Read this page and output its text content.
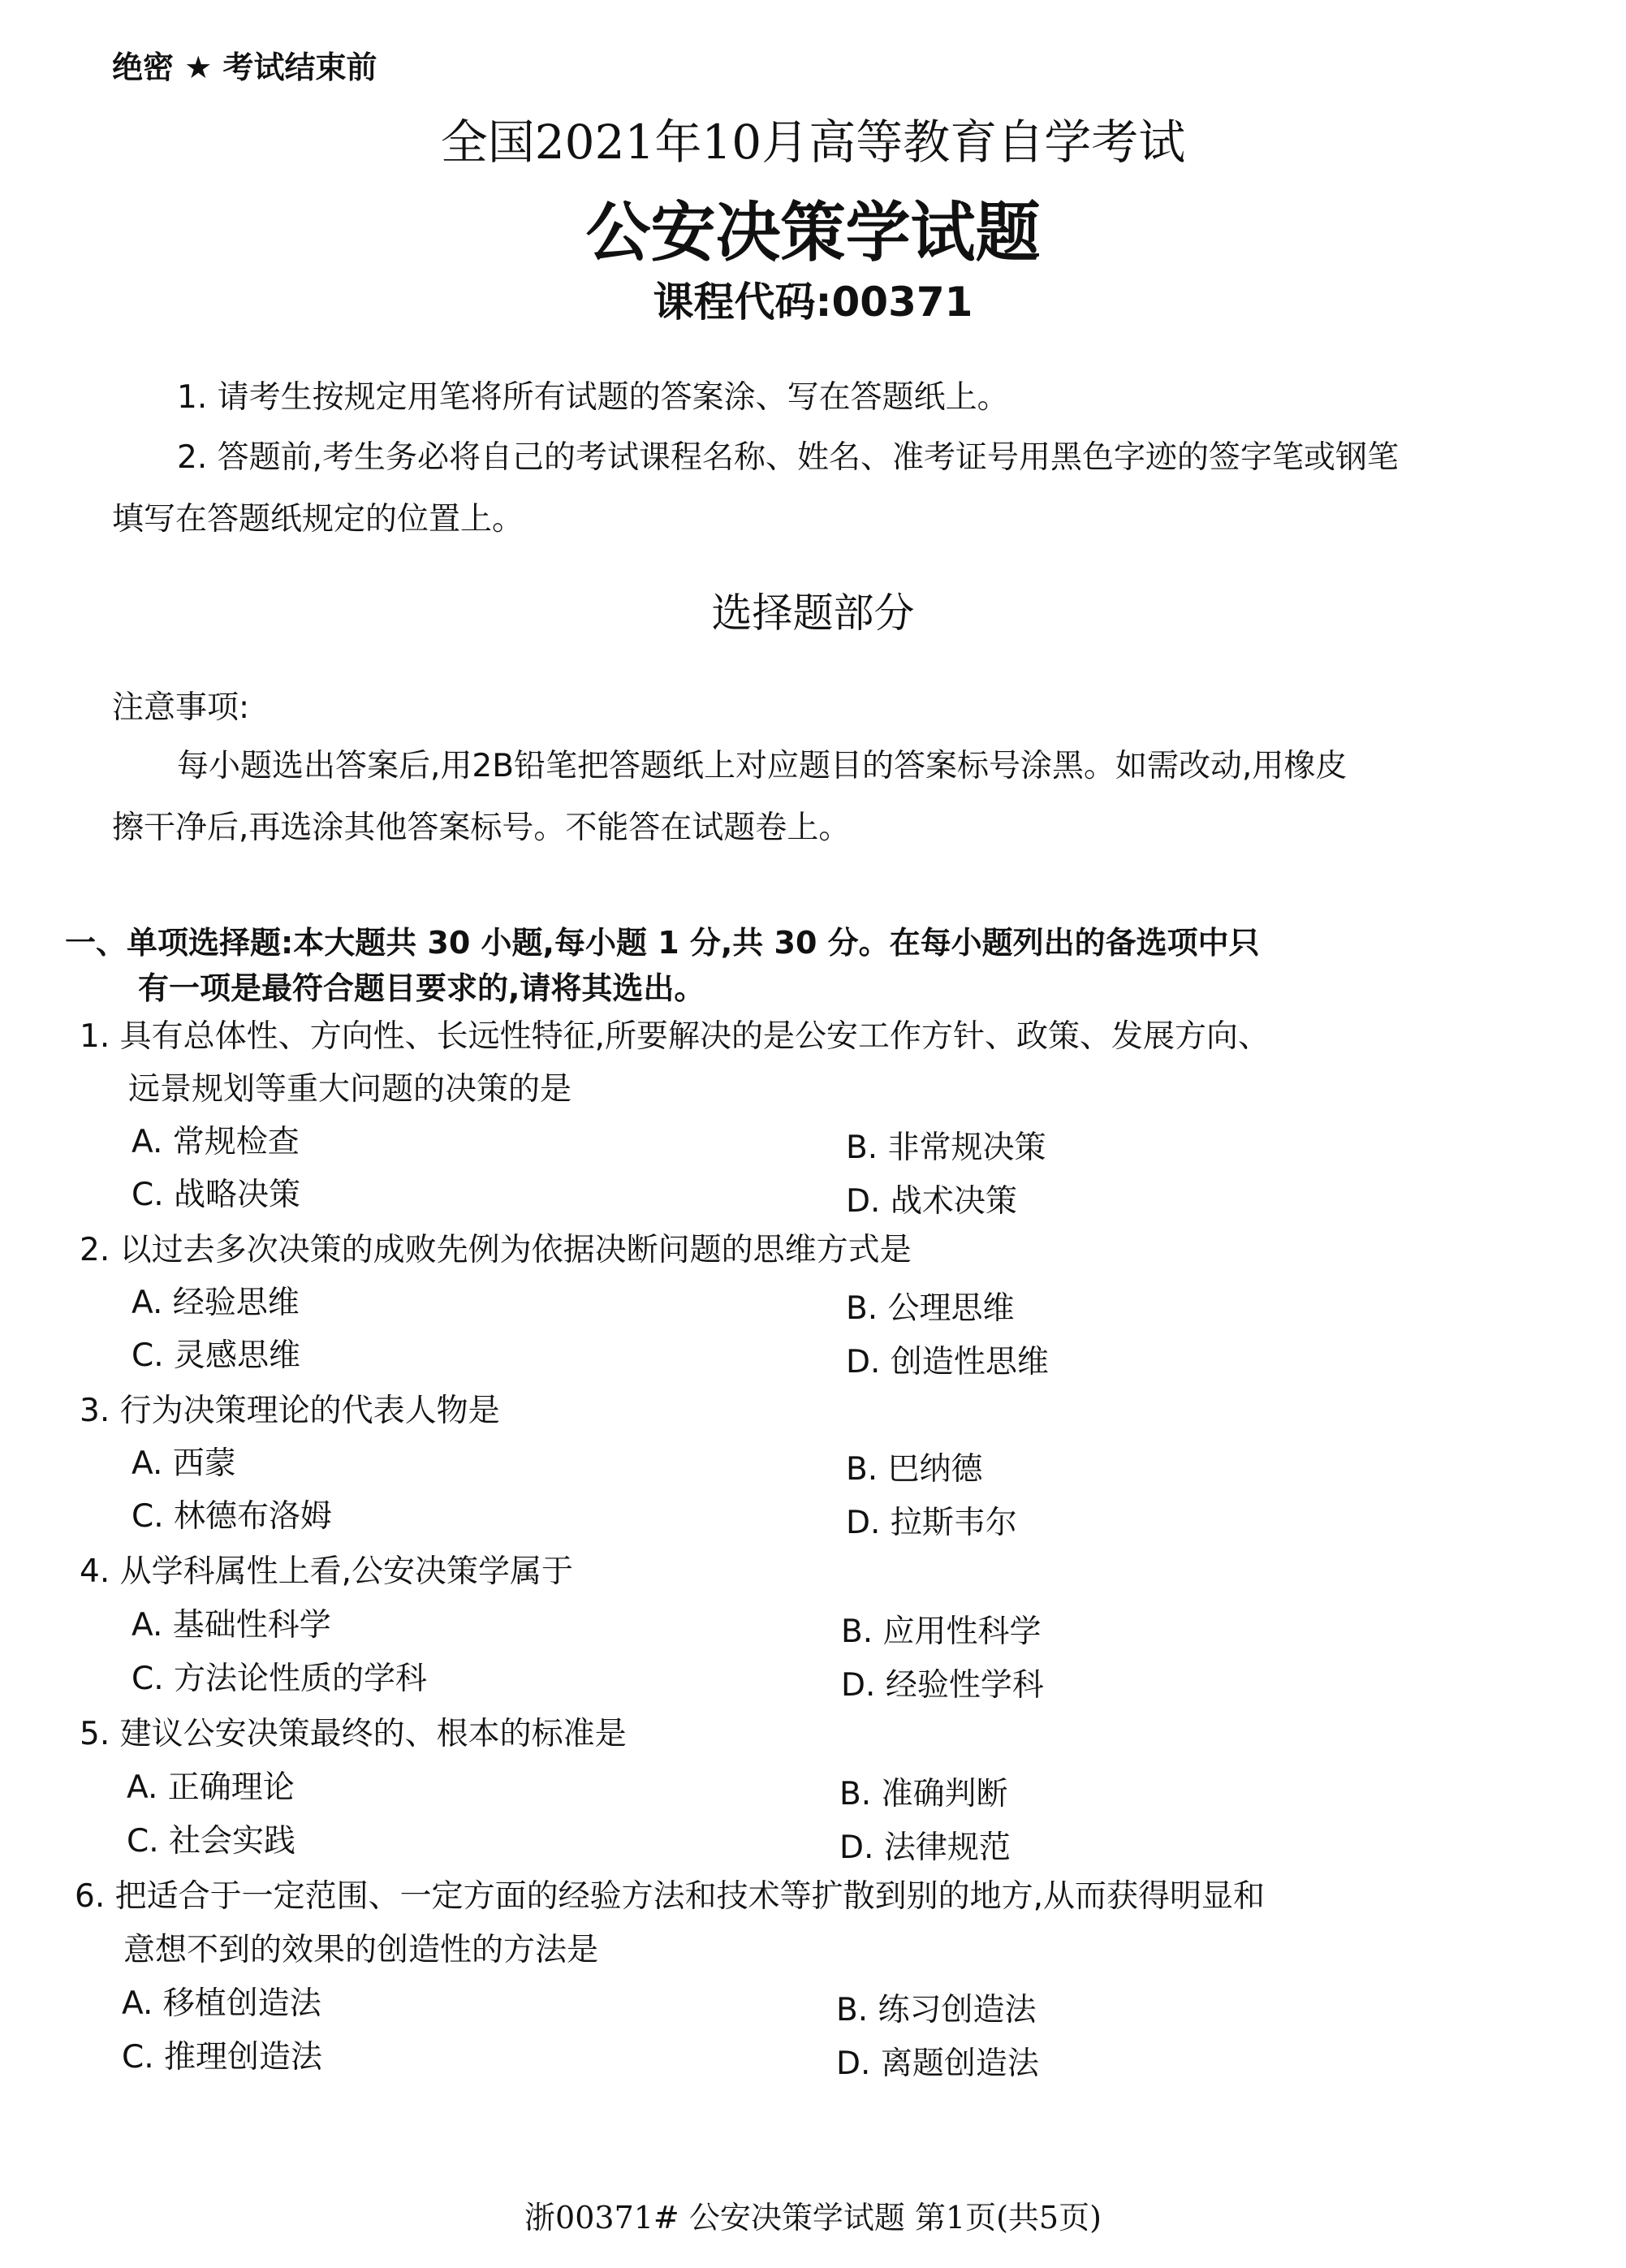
绝密 ★ 考试结束前
全国2021年10月高等教育自学考试
公安决策学试题
课程代码:00371
1. 请考生按规定用笔将所有试题的答案涂、写在答题纸上。
2. 答题前,考生务必将自己的考试课程名称、姓名、准考证号用黑色字迹的签字笔或钢笔
填写在答题纸规定的位置上。
选择题部分
注意事项:
每小题选出答案后,用2B铅笔把答题纸上对应题目的答案标号涂黑。如需改动,用橡皮
擦干净后,再选涂其他答案标号。不能答在试题卷上。
一、单项选择题:本大题共 30 小题,每小题 1 分,共 30 分。在每小题列出的备选项中只
有一项是最符合题目要求的,请将其选出。
1. 具有总体性、方向性、长远性特征,所要解决的是公安工作方针、政策、发展方向、
远景规划等重大问题的决策的是
A. 常规检查	B. 非常规决策
C. 战略决策	D. 战术决策
2. 以过去多次决策的成败先例为依据决断问题的思维方式是
A. 经验思维	B. 公理思维
C. 灵感思维	D. 创造性思维
3. 行为决策理论的代表人物是
A. 西蒙	B. 巴纳德
C. 林德布洛姆	D. 拉斯韦尔
4. 从学科属性上看,公安决策学属于
A. 基础性科学	B. 应用性科学
C. 方法论性质的学科	D. 经验性学科
5. 建议公安决策最终的、根本的标准是
A. 正确理论	B. 准确判断
C. 社会实践	D. 法律规范
6. 把适合于一定范围、一定方面的经验方法和技术等扩散到别的地方,从而获得明显和
意想不到的效果的创造性的方法是
A. 移植创造法	B. 练习创造法
C. 推理创造法	D. 离题创造法
浙00371# 公安决策学试题 第1页(共5页)
